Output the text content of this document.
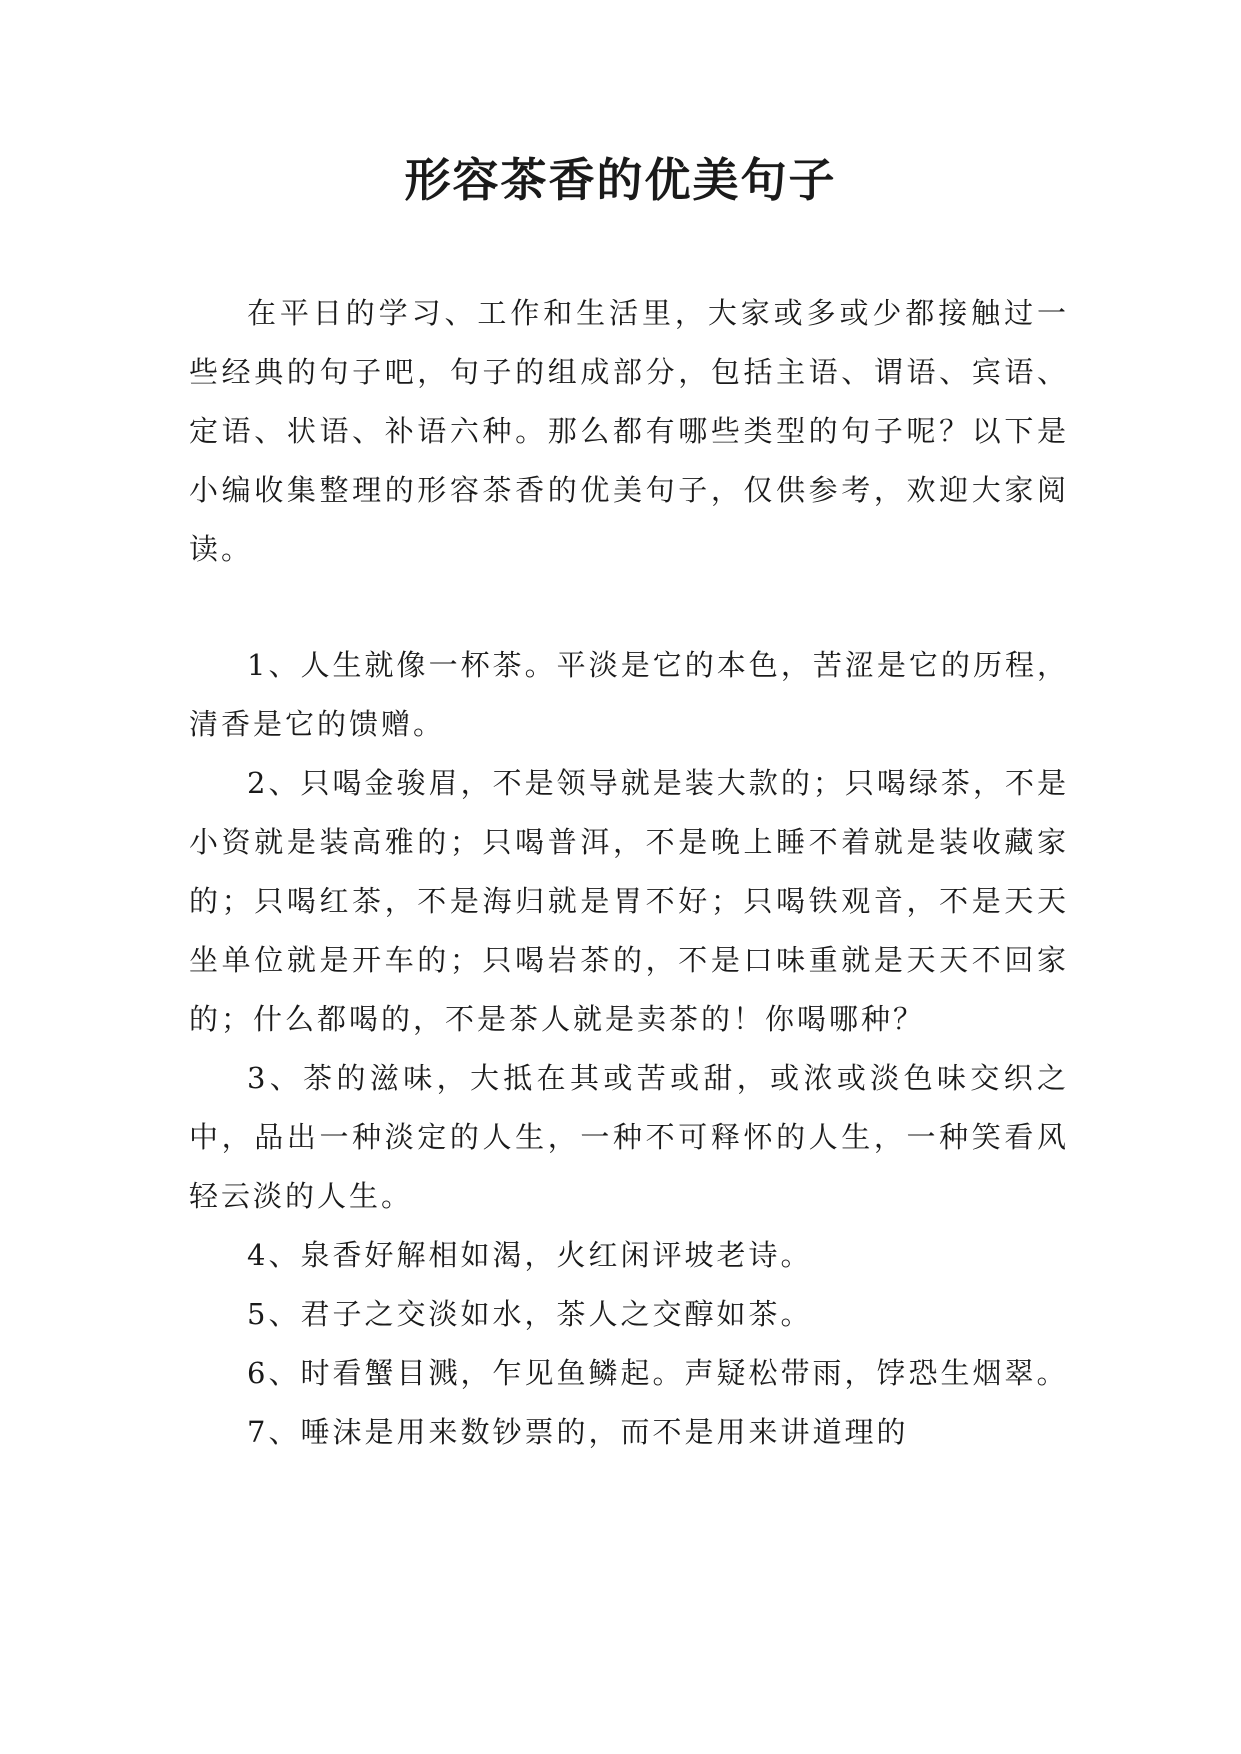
形容茶香的优美句子
在平日的学习、工作和生活里，大家或多或少都接触过一些经典的句子吧，句子的组成部分，包括主语、谓语、宾语、定语、状语、补语六种。那么都有哪些类型的句子呢？以下是小编收集整理的形容茶香的优美句子，仅供参考，欢迎大家阅读。

1、人生就像一杯茶。平淡是它的本色，苦涩是它的历程，清香是它的馈赠。

2、只喝金骏眉，不是领导就是装大款的；只喝绿茶，不是小资就是装高雅的；只喝普洱，不是晚上睡不着就是装收藏家的；只喝红茶，不是海归就是胃不好；只喝铁观音，不是天天坐单位就是开车的；只喝岩茶的，不是口味重就是天天不回家的；什么都喝的，不是茶人就是卖茶的！你喝哪种？

3、茶的滋味，大抵在其或苦或甜，或浓或淡色味交织之中，品出一种淡定的人生，一种不可释怀的人生，一种笑看风轻云淡的人生。

4、泉香好解相如渴，火红闲评坡老诗。

5、君子之交淡如水，茶人之交醇如茶。

6、时看蟹目溅，乍见鱼鳞起。声疑松带雨，饽恐生烟翠。

7、唾沫是用来数钞票的，而不是用来讲道理的
